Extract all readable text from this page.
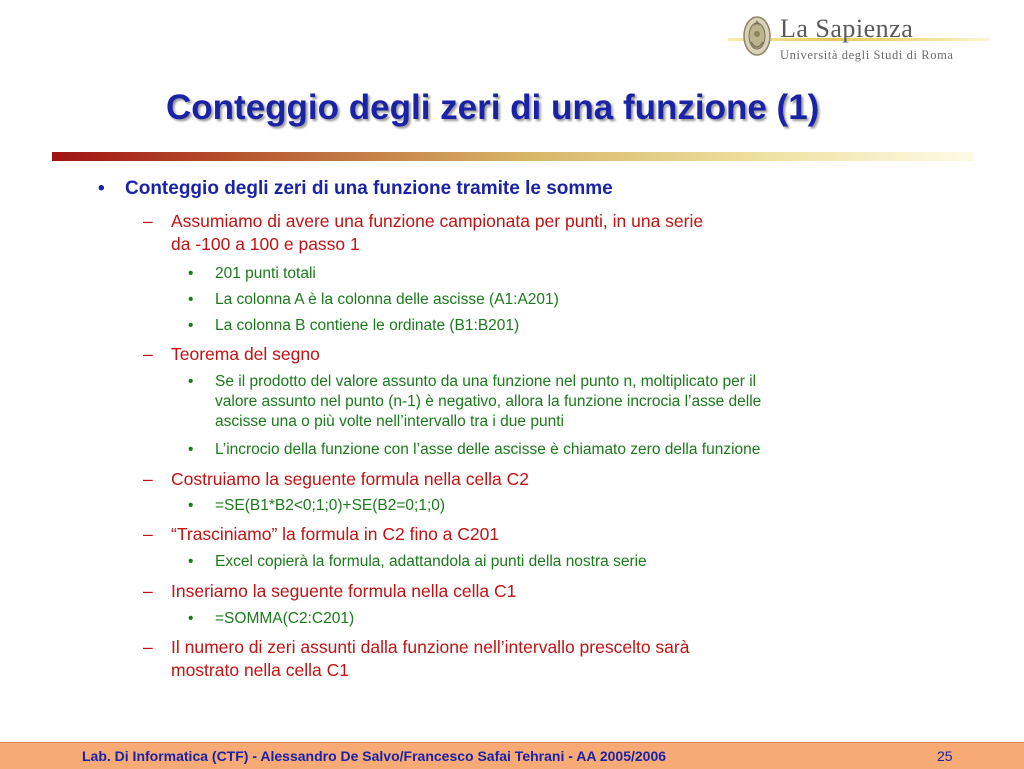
La Sapienza
Università degli Studi di Roma
Conteggio degli zeri di una funzione (1)
• Conteggio degli zeri di una funzione tramite le somme
– Assumiamo di avere una funzione campionata per punti, in una serie
da -100 a 100 e passo 1
• 201 punti totali
• La colonna A è la colonna delle ascisse (A1:A201)
• La colonna B contiene le ordinate (B1:B201)
– Teorema del segno
• Se il prodotto del valore assunto da una funzione nel punto n, moltiplicato per il
valore assunto nel punto (n-1) è negativo, allora la funzione incrocia l’asse delle
ascisse una o più volte nell’intervallo tra i due punti
• L’incrocio della funzione con l’asse delle ascisse è chiamato zero della funzione
– Costruiamo la seguente formula nella cella C2
• =SE(B1*B2<0;1;0)+SE(B2=0;1;0)
– “Trasciniamo” la formula in C2 fino a C201
• Excel copierà la formula, adattandola ai punti della nostra serie
– Inseriamo la seguente formula nella cella C1
• =SOMMA(C2:C201)
– Il numero di zeri assunti dalla funzione nell’intervallo prescelto sarà
mostrato nella cella C1
Lab. Di Informatica (CTF) - Alessandro De Salvo/Francesco Safai Tehrani - AA 2005/2006	25
